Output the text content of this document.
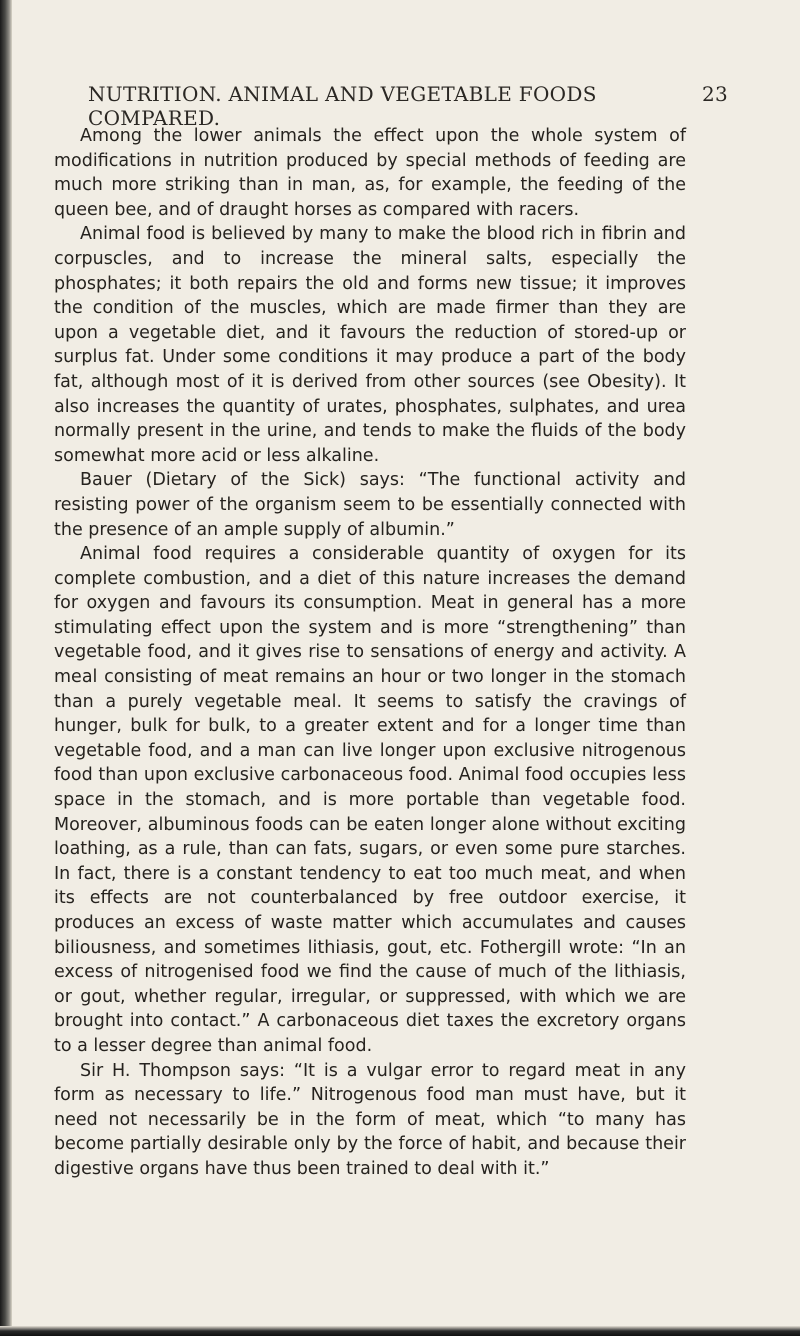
NUTRITION. ANIMAL AND VEGETABLE FOODS COMPARED.
23

Among the lower animals the effect upon the whole system of modifications in nutrition produced by special methods of feeding are much more striking than in man, as, for example, the feeding of the queen bee, and of draught horses as compared with racers.

Animal food is believed by many to make the blood rich in fibrin and corpuscles, and to increase the mineral salts, especially the phosphates; it both repairs the old and forms new tissue; it improves the condition of the muscles, which are made firmer than they are upon a vegetable diet, and it favours the reduction of stored-up or surplus fat. Under some conditions it may produce a part of the body fat, although most of it is derived from other sources (see Obesity). It also increases the quantity of urates, phosphates, sulphates, and urea normally present in the urine, and tends to make the fluids of the body somewhat more acid or less alkaline.

Bauer (Dietary of the Sick) says: “The functional activity and resisting power of the organism seem to be essentially connected with the presence of an ample supply of albumin.”

Animal food requires a considerable quantity of oxygen for its complete combustion, and a diet of this nature increases the demand for oxygen and favours its consumption. Meat in general has a more stimulating effect upon the system and is more “strengthening” than vegetable food, and it gives rise to sensations of energy and activity. A meal consisting of meat remains an hour or two longer in the stomach than a purely vegetable meal. It seems to satisfy the cravings of hunger, bulk for bulk, to a greater extent and for a longer time than vegetable food, and a man can live longer upon exclusive nitrogenous food than upon exclusive carbonaceous food. Animal food occupies less space in the stomach, and is more portable than vegetable food. Moreover, albuminous foods can be eaten longer alone without exciting loathing, as a rule, than can fats, sugars, or even some pure starches. In fact, there is a constant tendency to eat too much meat, and when its effects are not counterbalanced by free outdoor exercise, it produces an excess of waste matter which accumulates and causes biliousness, and sometimes lithiasis, gout, etc. Fothergill wrote: “In an excess of nitrogenised food we find the cause of much of the lithiasis, or gout, whether regular, irregular, or suppressed, with which we are brought into contact.” A carbonaceous diet taxes the excretory organs to a lesser degree than animal food.

Sir H. Thompson says: “It is a vulgar error to regard meat in any form as necessary to life.” Nitrogenous food man must have, but it need not necessarily be in the form of meat, which “to many has become partially desirable only by the force of habit, and because their digestive organs have thus been trained to deal with it.”
